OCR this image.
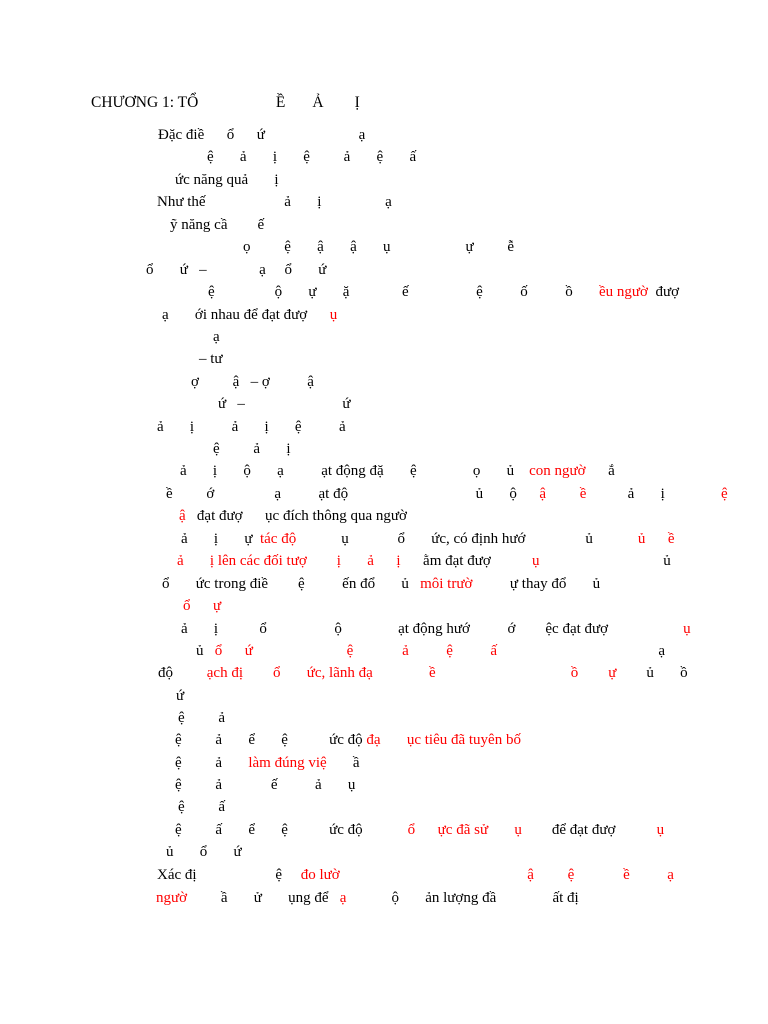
CHƯƠNG 1: TỔ                    Ề       Ả        Ị
Đặc điề      ổ      ứ                         ạ
ệ       ả       ị       ệ         ả       ệ       ấ
ức năng quả       ị
Như thế                     ả       ị                 ạ
ỹ năng cầ        ế
ọ         ệ       ậ       ậ       ụ                    ự         ễ
ổ       ứ   –              ạ     ổ       ứ
ệ                ộ       ự       ặ              ế                  ệ          ố          ồ       ều ngườ  đượ
ạ       ới nhau để đạt đượ      ụ
ạ
– tư
ợ         ậ   – ợ          ậ
ứ   –                          ứ
ả       ị          ả       ị       ệ          ả
ệ         ả       ị
ả       ị       ộ       ạ          ạt động đặ       ệ               ọ       ủ    con ngườ      ắ
ề         ớ                ạ          ạt độ                                  ủ       ộ      ậ ề           ả       ị               ệ
ậ   đạt đượ      ục đích thông qua ngườ
ả       ị       ự  tác độ            ụ             ổ       ức, có định hướ                ủ            ủ ề
ả       ị lên các đối tượ ị ả ị      ằm đạt đượ           ụ                                 ủ
ổ       ức trong điề        ệ          ến đổ       ủ   môi trườ          ự thay đổ       ủ
ổ      ự
ả       ị           ổ                  ộ               ạt động hướ          ớ        ệc đạt đượ                    ụ
ủ   ổ      ứ	ệ	ả	ệ	ấ                                           ạ
độ         ạch đị        ổ       ức, lãnh đạ	ề	ồ        ự        ủ       ồ
ứ
ệ         ả
ệ         ả       ể       ệ           ức độ đạ       ục tiêu đã tuyên bố
ệ         ả       làm đúng việ       ầ
ệ         ả             ế          ả       ụ
ệ         ấ
ệ         ấ       ể       ệ           ức độ            ổ      ực đã sử       ụ        để đạt đượ           ụ
ủ       ổ       ứ
Xác đị                     ệ     đo lườ	ậ ệ	ề	ạ
ngườ         ầ       ử       ụng để   ạ            ộ       ản lượng đầ               ất đị
